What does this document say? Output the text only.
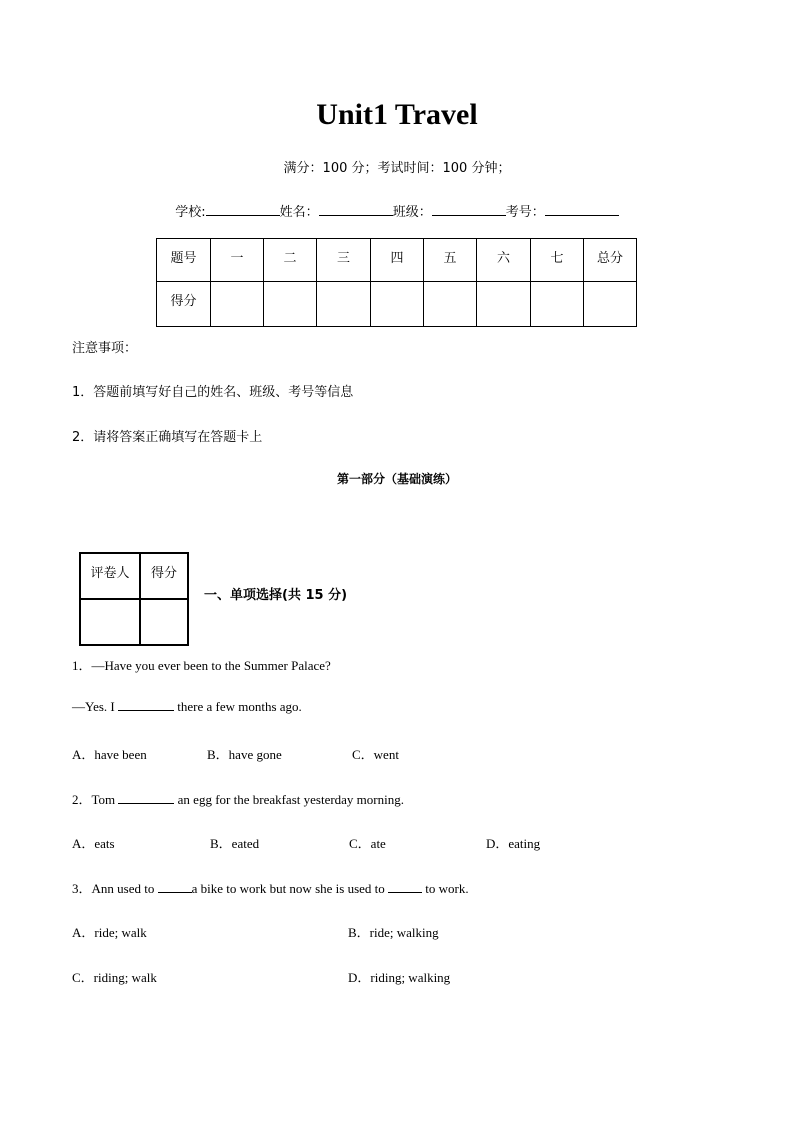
Unit1 Travel
满分：100 分；考试时间：100 分钟；
学校:	姓名：	班级：	考号：
题号	一	二	三	四	五	六	七	总分
得分								
注意事项：
1．答题前填写好自己的姓名、班级、考号等信息
2．请将答案正确填写在答题卡上
第一部分（基础演练）
评卷人	得分

一、单项选择(共 15 分)
1．—Have you ever been to the Summer Palace?
—Yes. I	there a few months ago.
A．have been	B．have gone	C．went
2．Tom	an egg for the breakfast yesterday morning.
A．eats	B．eated	C．ate	D．eating
3．Ann used to	a bike to work but now she is used to	to work.
A．ride; walk	B．ride; walking
C．riding; walk	D．riding; walking
